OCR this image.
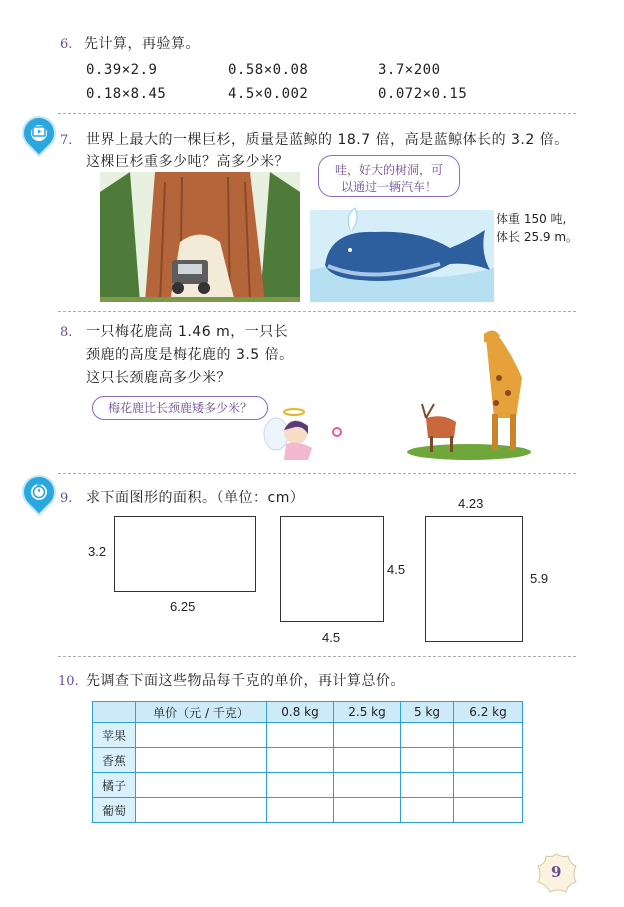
6. 先计算，再验算。
0.39×2.9	0.58×0.08	3.7×200
0.18×8.45	4.5×0.002	0.072×0.15
7. 世界上最大的一棵巨杉，质量是蓝鲸的 18.7 倍，高是蓝鲸体长的 3.2 倍。
这棵巨杉重多少吨？高多少米？	哇，好大的树洞，可
以通过一辆汽车！
体重 150 吨,
体长 25.9 m。
8. 一只梅花鹿高 1.46 m，一只长
颈鹿的高度是梅花鹿的 3.5 倍。
这只长颈鹿高多少米？
梅花鹿比长颈鹿矮多少米？
9. 求下面图形的面积。（单位：cm）
3.2
6.25
4.5
4.5
4.23
5.9
10. 先调查下面这些物品每千克的单价，再计算总价。
	单价（元 / 千克）	0.8 kg	2.5 kg	5 kg	6.2 kg
苹果					
香蕉					
橘子					
葡萄					
9
